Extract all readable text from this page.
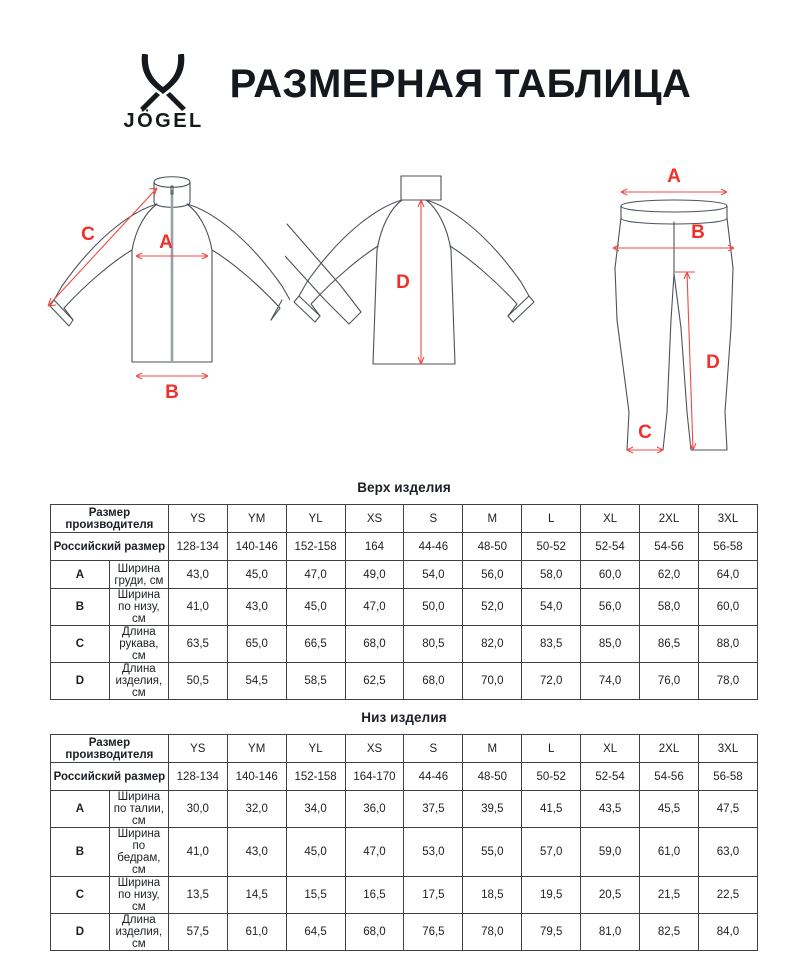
JÖGEL
РАЗМЕРНАЯ ТАБЛИЦА
A
B
C
D
A
B
C
D
Верх изделия
Размер производителя		YS	YM	YL	XS	S	M	L	XL	2XL	3XL
Российский размер		128-134	140-146	152-158	164	44-46	48-50	50-52	52-54	54-56	56-58
A	Ширина груди, см	43,0	45,0	47,0	49,0	54,0	56,0	58,0	60,0	62,0	64,0
B	Ширина по низу, см	41,0	43,0	45,0	47,0	50,0	52,0	54,0	56,0	58,0	60,0
C	Длина рукава, см	63,5	65,0	66,5	68,0	80,5	82,0	83,5	85,0	86,5	88,0
D	Длина изделия, см	50,5	54,5	58,5	62,5	68,0	70,0	72,0	74,0	76,0	78,0
Низ изделия
Размер производителя		YS	YM	YL	XS	S	M	L	XL	2XL	3XL
Российский размер		128-134	140-146	152-158	164-170	44-46	48-50	50-52	52-54	54-56	56-58
A	Ширина по талии, см	30,0	32,0	34,0	36,0	37,5	39,5	41,5	43,5	45,5	47,5
B	Ширина по бедрам, см	41,0	43,0	45,0	47,0	53,0	55,0	57,0	59,0	61,0	63,0
C	Ширина по низу, см	13,5	14,5	15,5	16,5	17,5	18,5	19,5	20,5	21,5	22,5
D	Длина изделия, см	57,5	61,0	64,5	68,0	76,5	78,0	79,5	81,0	82,5	84,0
